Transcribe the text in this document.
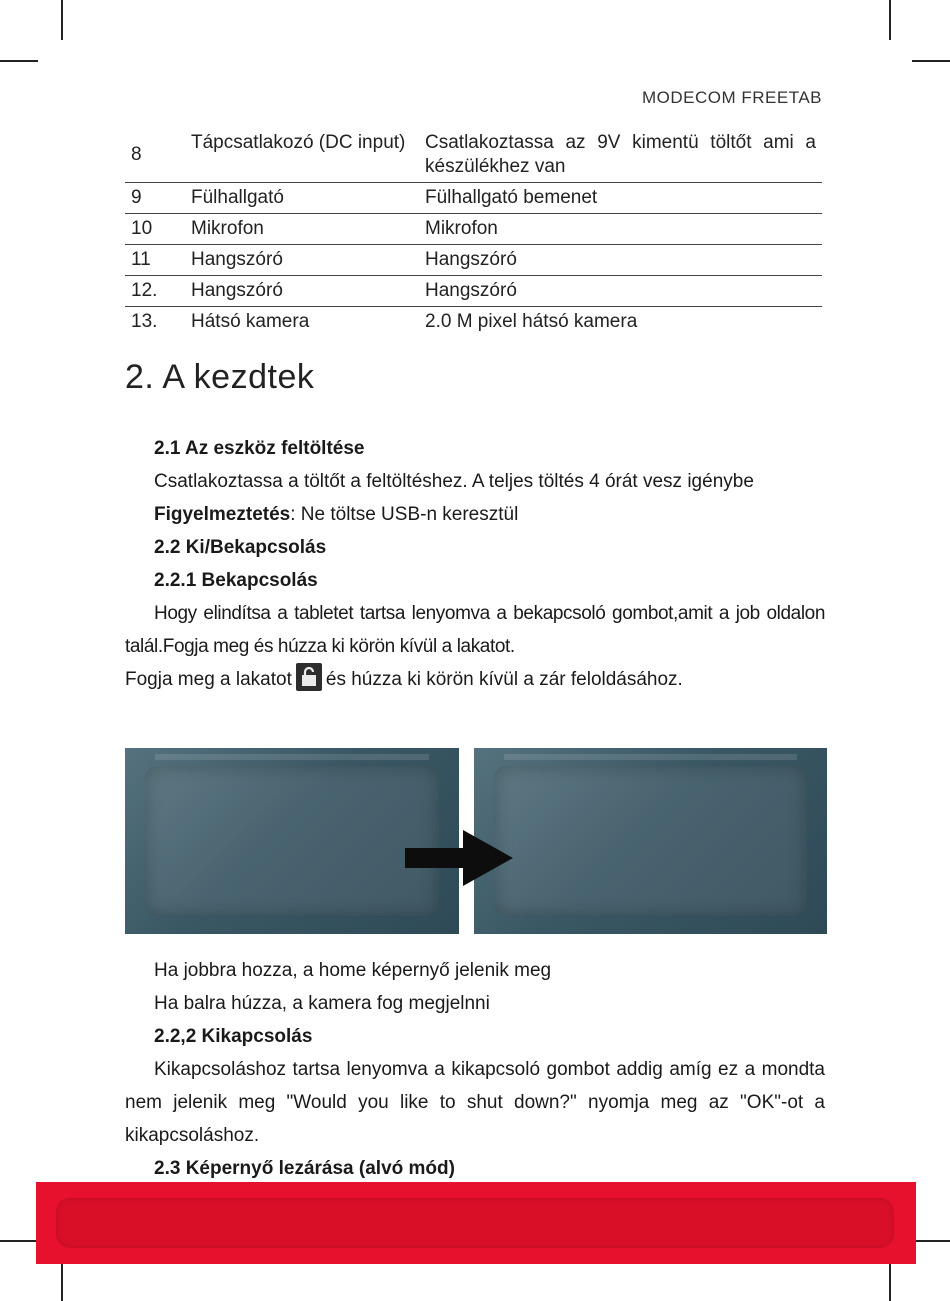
MODECOM FREETAB
8	Tápcsatlakozó (DC input)	Csatlakoztassa az 9V kimentü töltőt ami a készülékhez van
9	Fülhallgató	Fülhallgató bemenet
10	Mikrofon	Mikrofon
11	Hangszóró	Hangszóró
12.	Hangszóró	Hangszóró
13.	Hátsó kamera	2.0 M pixel hátsó kamera
2. A kezdtek

2.1 Az eszköz feltöltése

Csatlakoztassa a töltőt a feltöltéshez. A teljes töltés 4 órát vesz igénybe

Figyelmeztetés: Ne töltse USB-n keresztül

2.2 Ki/Bekapcsolás

2.2.1 Bekapcsolás

Hogy elindítsa a tabletet tartsa lenyomva a bekapcsoló gombot,amit a job oldalon talál.Fogja meg és húzza ki körön kívül a lakatot.

Fogja meg a lakatot és húzza ki körön kívül a zár feloldásához.

Ha jobbra hozza, a home képernyő jelenik meg

Ha balra húzza, a kamera fog megjelnni

2.2,2 Kikapcsolás

Kikapcsoláshoz tartsa lenyomva a kikapcsoló gombot addig amíg ez a mondta nem jelenik meg "Would you like to shut down?" nyomja meg az "OK"-ot a kikapcsoláshoz.

2.3 Képernyő lezárása (alvó mód)
